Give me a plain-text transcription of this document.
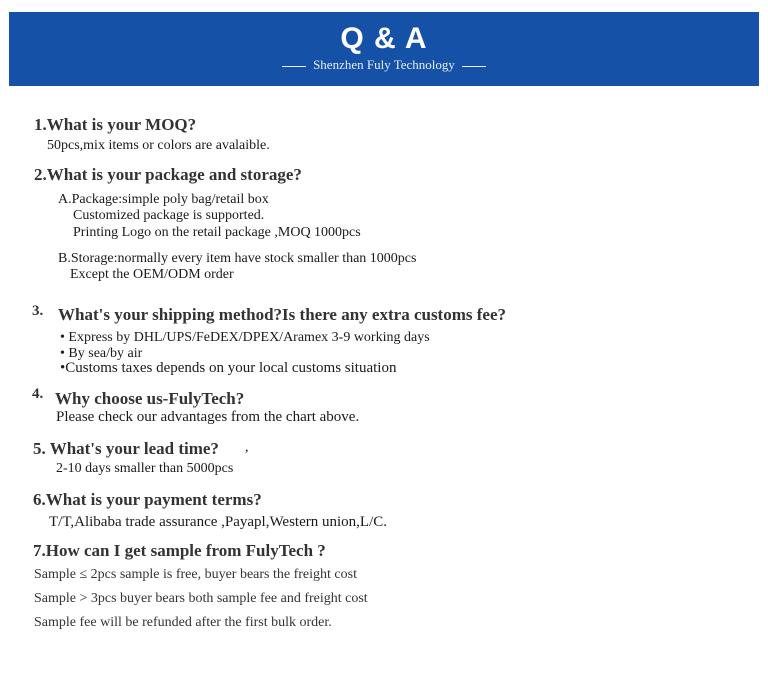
Q & A
Shenzhen Fuly Technology
1.What is your MOQ?
50pcs,mix items or colors are avalaible.
2.What is your package and storage?
A.Package:simple poly bag/retail box
Customized package is supported.
Printing Logo on the retail package ,MOQ 1000pcs
B.Storage:normally every item have stock smaller than 1000pcs
Except the OEM/ODM order
3. What's your shipping method?Is there any extra customs fee?
• Express by DHL/UPS/FeDEX/DPEX/Aramex 3-9 working days
• By sea/by air
•Customs taxes depends on your local customs situation
4. Why choose us-FulyTech?
Please check our advantages from the chart above.
5. What's your lead time? ,
2-10 days smaller than 5000pcs
6.What is your payment terms?
T/T,Alibaba trade assurance ,Payapl,Western union,L/C.
7.How can I get sample from FulyTech ?
Sample ≤ 2pcs sample is free, buyer bears the freight cost
Sample > 3pcs buyer bears both sample fee and freight cost
Sample fee will be refunded after the first bulk order.
